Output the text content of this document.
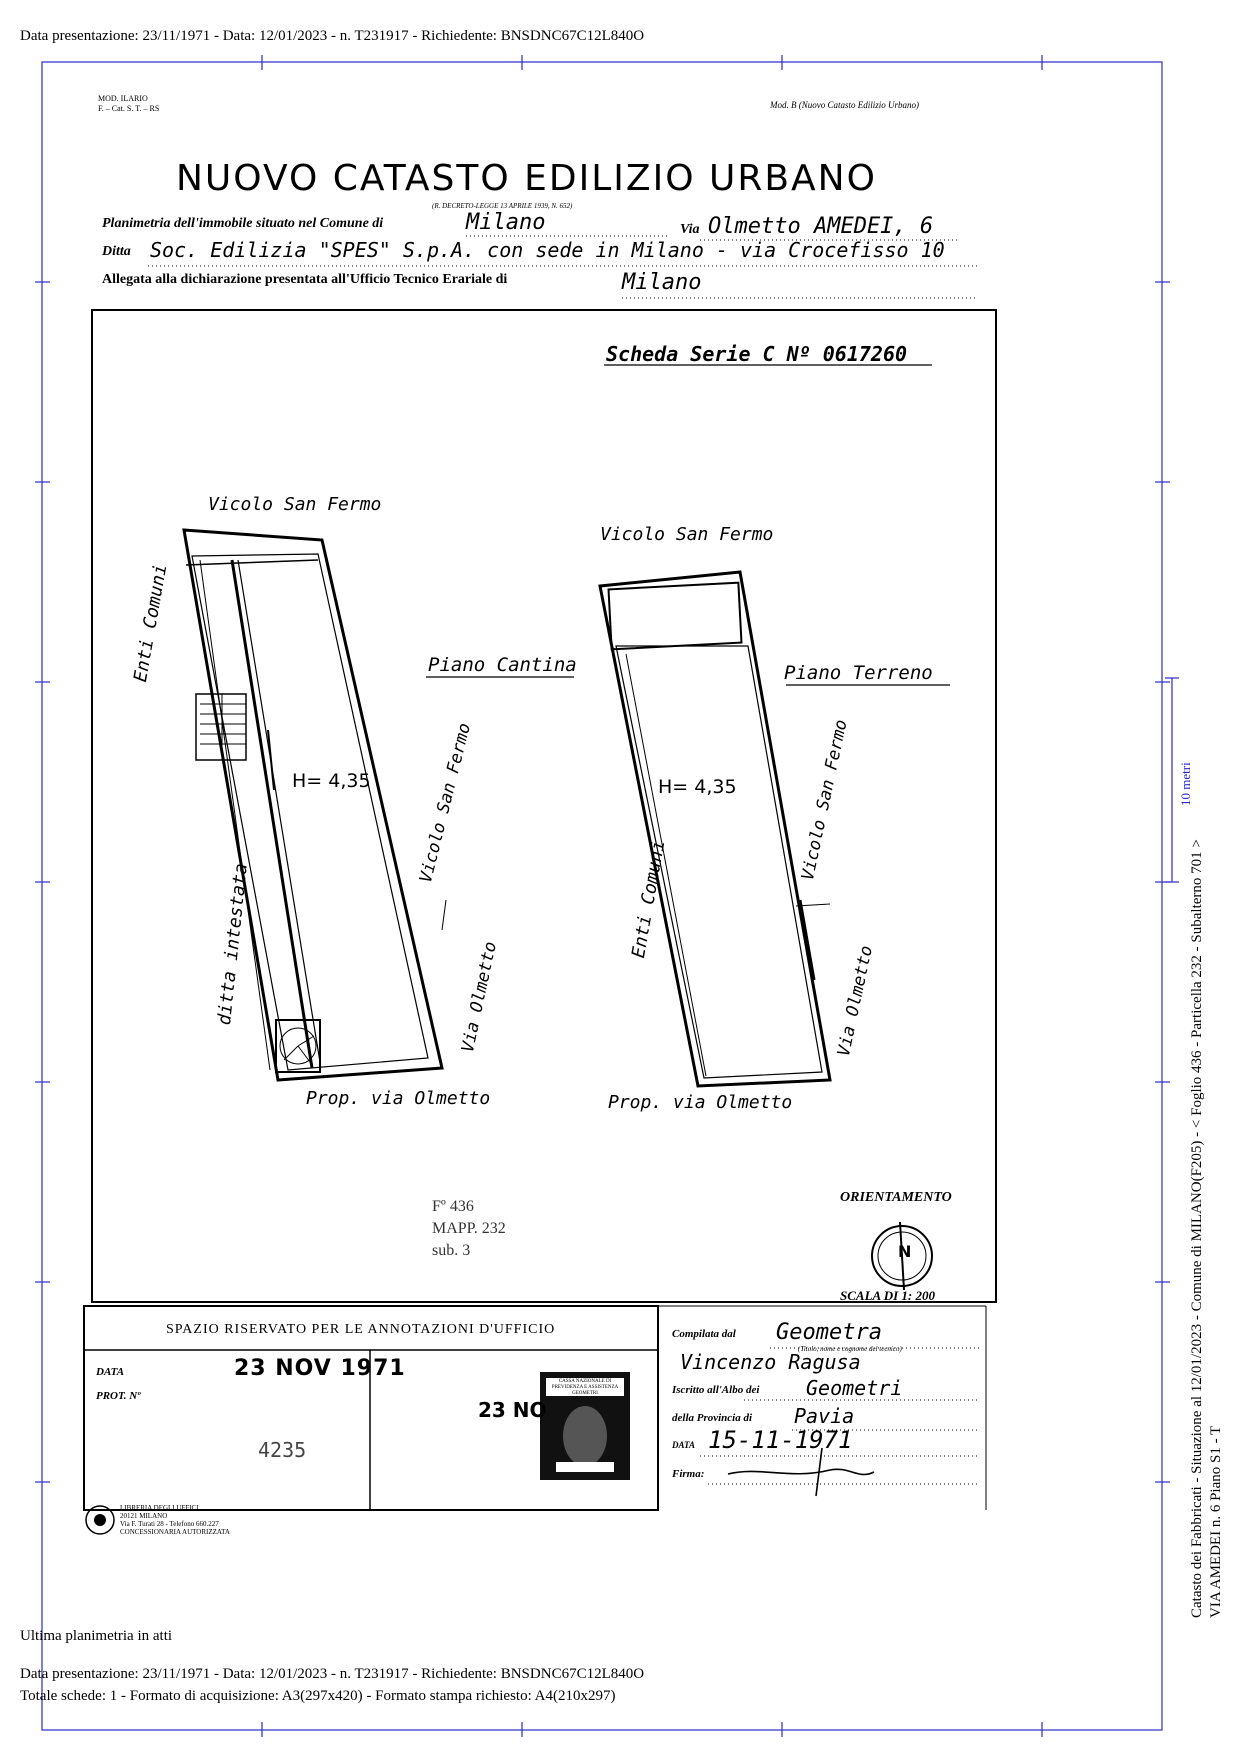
Data presentazione: 23/11/1971 - Data: 12/01/2023 - n. T231917 - Richiedente: BNSDNC67C12L840O
MOD. ILARIO
F. – Cat. S. T. – RS	Mod. B (Nuovo Catasto Edilizio Urbano)
NUOVO CATASTO EDILIZIO URBANO
(R. DECRETO-LEGGE 13 APRILE 1939, N. 652)
Planimetria dell'immobile situato nel Comune di	Milano	Via Olmetto AMEDEI, 6
Ditta Soc. Edilizia "SPES" S.p.A. con sede in Milano - via Crocefisso 10
Allegata alla dichiarazione presentata all'Ufficio Tecnico Erariale di	Milano
Scheda Serie C Nº 0617260
Vicolo San Fermo
Piano Cantina
H= 4,35
Enti Comuni
Vicolo San Fermo
Via Olmetto
ditta intestata
Prop. via Olmetto
Vicolo San Fermo
Piano Terreno
H= 4,35
Enti Comuni
Vicolo San Fermo
Via Olmetto
Prop. via Olmetto
Fº 436
MAPP. 232
sub. 3
ORIENTAMENTO
N
SCALA DI 1: 200
SPAZIO RISERVATO PER LE ANNOTAZIONI D'UFFICIO
DATA	23 NOV 1971
PROT. Nº
4235
23 NO
CASSA NAZIONALE DI PREVIDENZA E ASSISTENZA GEOMETRI
Compilata dal Geometra
(Titolo, nome e cognome del tecnico)
Vincenzo Ragusa
Iscritto all'Albo dei Geometri
della Provincia di Pavia
DATA 15-11-1971
Firma:
LIBRERIA DEGLI UFFICI
20121 MILANO
Via F. Turati 28 - Telefono 660.227
CONCESSIONARIA AUTORIZZATA
Ultima planimetria in atti
Data presentazione: 23/11/1971 - Data: 12/01/2023 - n. T231917 - Richiedente: BNSDNC67C12L840O
Totale schede: 1 - Formato di acquisizione: A3(297x420) - Formato stampa richiesto: A4(210x297)
Catasto dei Fabbricati - Situazione al 12/01/2023 - Comune di MILANO(F205) - < Foglio 436 - Particella 232 - Subalterno 701 > VIA AMEDEI n. 6 Piano S1 - T
10 metri
